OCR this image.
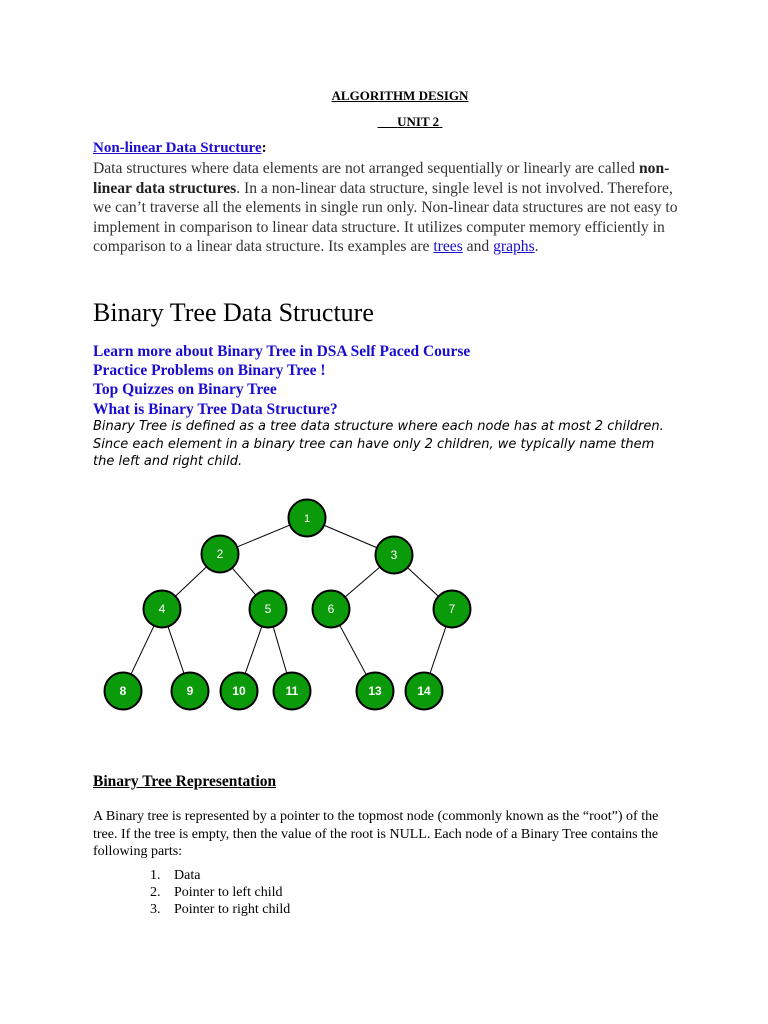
ALGORITHM DESIGN
UNIT 2
Non-linear Data Structure:
Data structures where data elements are not arranged sequentially or linearly are called non-linear data structures. In a non-linear data structure, single level is not involved. Therefore, we can’t traverse all the elements in single run only. Non-linear data structures are not easy to implement in comparison to linear data structure. It utilizes computer memory efficiently in comparison to a linear data structure. Its examples are trees and graphs.
Binary Tree Data Structure
Learn more about Binary Tree in DSA Self Paced Course
Practice Problems on Binary Tree !
Top Quizzes on Binary Tree
What is Binary Tree Data Structure?
Binary Tree is defined as a tree data structure where each node has at most 2 children. Since each element in a binary tree can have only 2 children, we typically name them the left and right child.
1
2	3
4	5	6	7
8	9	10	11	13	14
Binary Tree Representation
A Binary tree is represented by a pointer to the topmost node (commonly known as the “root”) of the tree. If the tree is empty, then the value of the root is NULL. Each node of a Binary Tree contains the following parts:
1. Data
2. Pointer to left child
3. Pointer to right child
